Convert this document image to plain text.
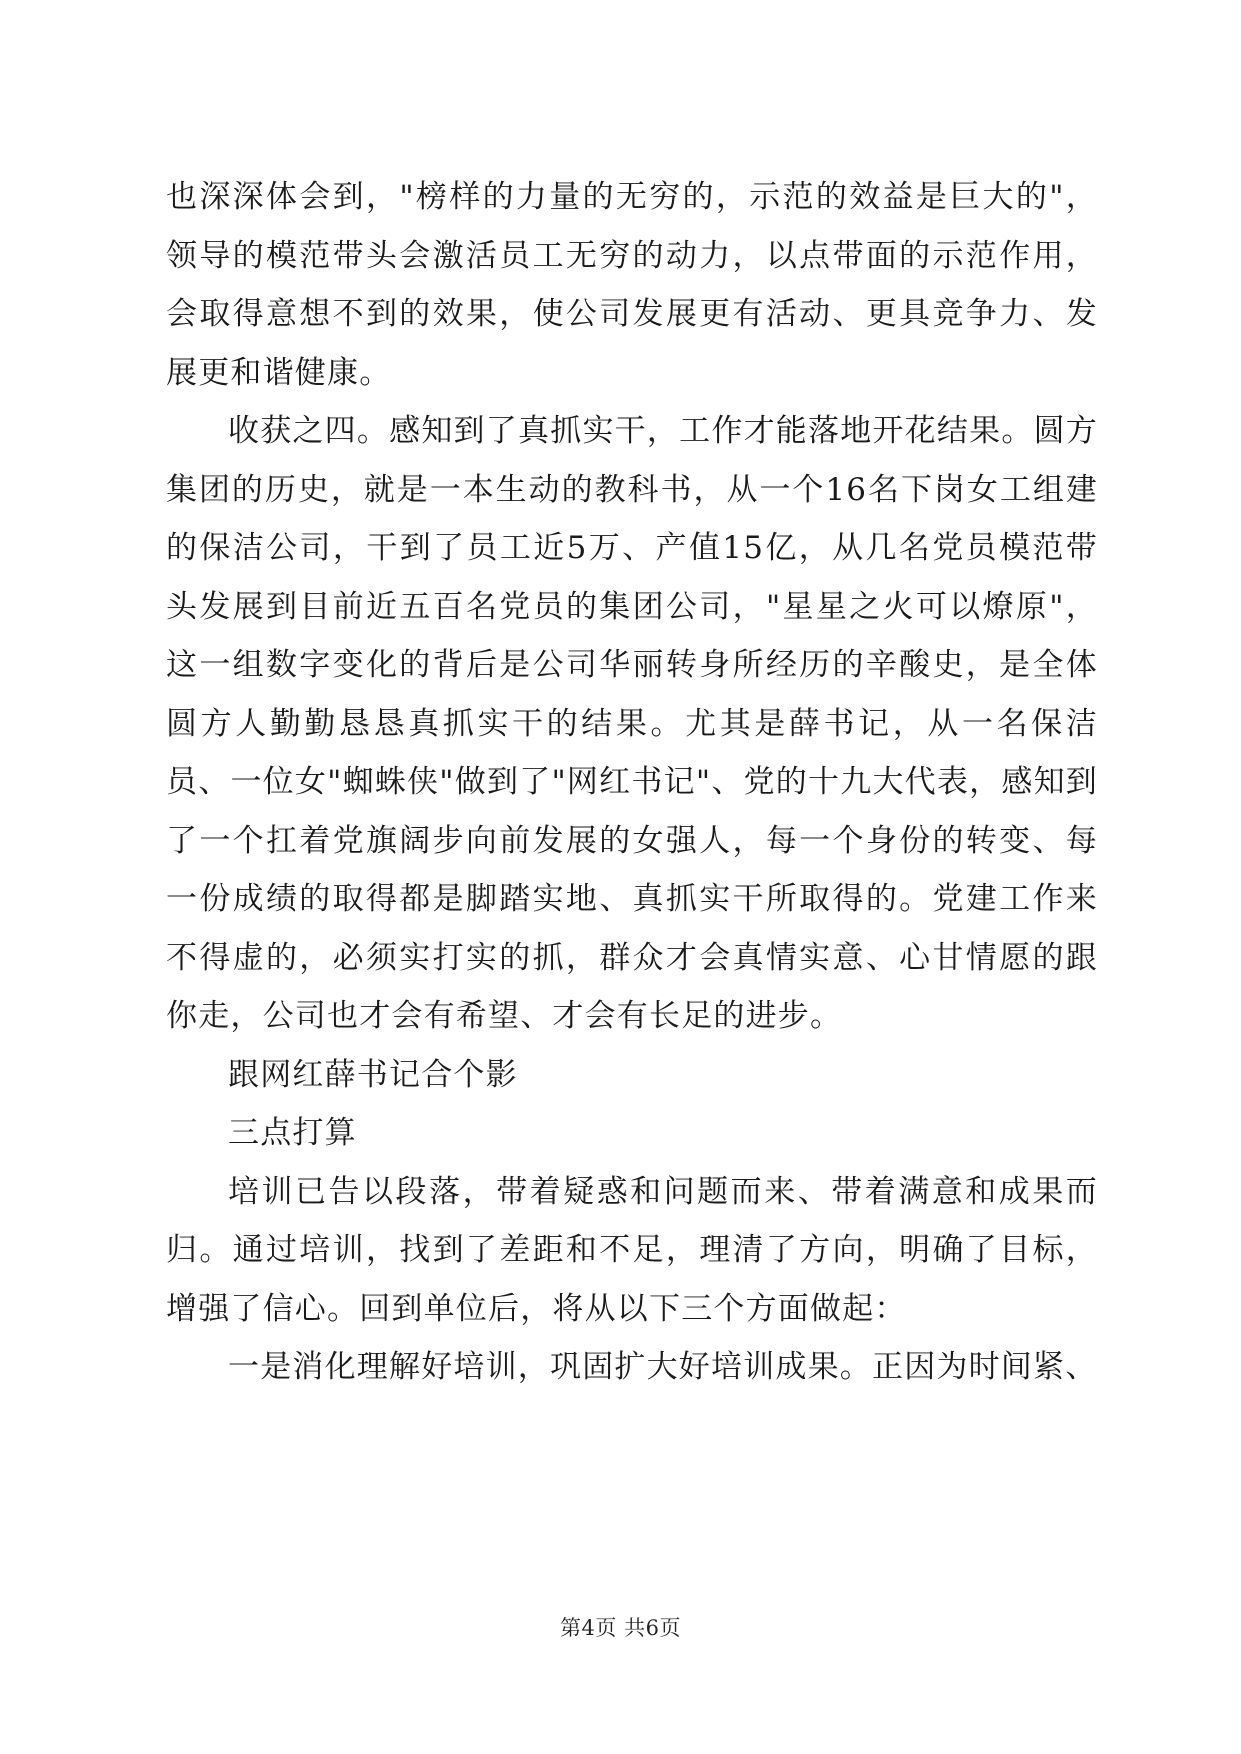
也深深体会到，"榜样的力量的无穷的，示范的效益是巨大的"，领导的模范带头会激活员工无穷的动力，以点带面的示范作用，会取得意想不到的效果，使公司发展更有活动、更具竞争力、发展更和谐健康。

收获之四。感知到了真抓实干，工作才能落地开花结果。圆方集团的历史，就是一本生动的教科书，从一个16名下岗女工组建的保洁公司，干到了员工近5万、产值15亿，从几名党员模范带头发展到目前近五百名党员的集团公司，"星星之火可以燎原"，这一组数字变化的背后是公司华丽转身所经历的辛酸史，是全体圆方人勤勤恳恳真抓实干的结果。尤其是薛书记，从一名保洁员、一位女"蜘蛛侠"做到了"网红书记"、党的十九大代表，感知到了一个扛着党旗阔步向前发展的女强人，每一个身份的转变、每一份成绩的取得都是脚踏实地、真抓实干所取得的。党建工作来不得虚的，必须实打实的抓，群众才会真情实意、心甘情愿的跟你走，公司也才会有希望、才会有长足的进步。

跟网红薛书记合个影

三点打算

培训已告以段落，带着疑惑和问题而来、带着满意和成果而归。通过培训，找到了差距和不足，理清了方向，明确了目标，增强了信心。回到单位后，将从以下三个方面做起：

一是消化理解好培训，巩固扩大好培训成果。正因为时间紧、

第4页 共6页
